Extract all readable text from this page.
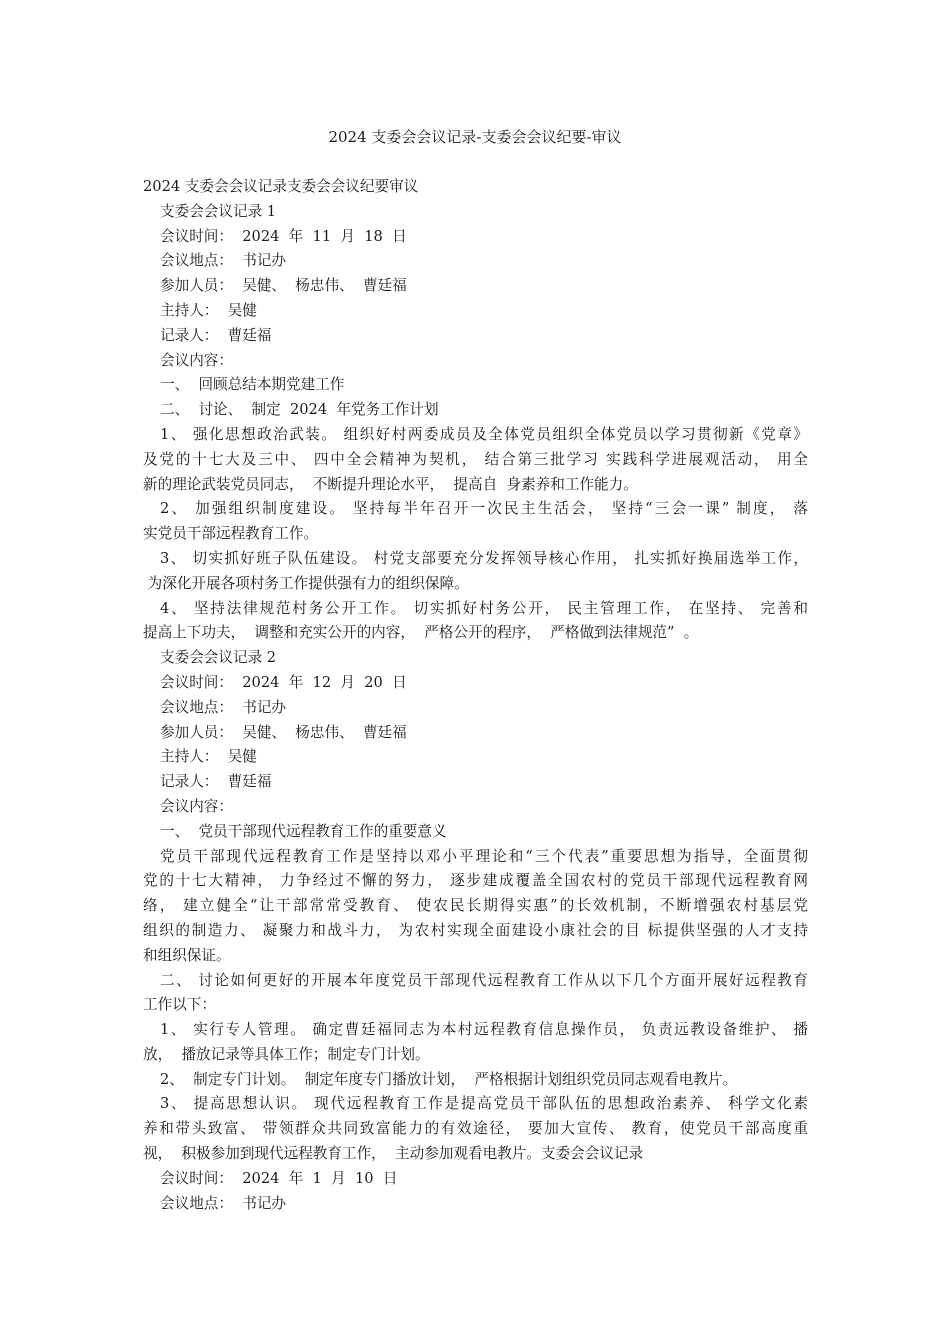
2024 支委会会议记录-支委会会议纪要-审议
2024 支委会会议记录支委会会议纪要审议
支委会会议记录 1
会议时间：  2024  年  11  月  18  日
会议地点：  书记办
参加人员：  吴健、  杨忠伟、  曹廷福
主持人：  吴健
记录人：  曹廷福
会议内容：
一、  回顾总结本期党建工作
二、  讨论、  制定  2024  年党务工作计划
1、 强化思想政治武装。 组织好村两委成员及全体党员组织全体党员以学习贯彻新《党章》
及党的十七大及三中、 四中全会精神为契机， 结合第三批学习 实践科学进展观活动， 用全
新的理论武装党员同志，  不断提升理论水平，  提高自  身素养和工作能力。
2、 加强组织制度建设。 坚持每半年召开一次民主生活会， 坚持“三会一课” 制度， 落
实党员干部远程教育工作。
3、 切实抓好班子队伍建设。 村党支部要充分发挥领导核心作用， 扎实抓好换届选举工作，
为深化开展各项村务工作提供强有力的组织保障。
4、 坚持法律规范村务公开工作。 切实抓好村务公开， 民主管理工作， 在坚持、 完善和
提高上下功夫，  调整和充实公开的内容，  严格公开的程序，  严格做到法律规范”  。
支委会会议记录 2
会议时间：  2024  年  12  月  20  日
会议地点：  书记办
参加人员：  吴健、  杨忠伟、  曹廷福
主持人：  吴健
记录人：  曹廷福
会议内容：
一、  党员干部现代远程教育工作的重要意义
党员干部现代远程教育工作是坚持以邓小平理论和“三个代表”重要思想为指导，全面贯彻
党的十七大精神， 力争经过不懈的努力， 逐步建成覆盖全国农村的党员干部现代远程教育网
络， 建立健全“让干部常常受教育、 使农民长期得实惠”的长效机制，不断增强农村基层党
组织的制造力、 凝聚力和战斗力， 为农村实现全面建设小康社会的目 标提供坚强的人才支持
和组织保证。
二、 讨论如何更好的开展本年度党员干部现代远程教育工作从以下几个方面开展好远程教育
工作以下：
1、 实行专人管理。 确定曹廷福同志为本村远程教育信息操作员， 负责远教设备维护、 播
放，  播放记录等具体工作；制定专门计划。
2、  制定专门计划。  制定年度专门播放计划，  严格根据计划组织党员同志观看电教片。
3、 提高思想认识。 现代远程教育工作是提高党员干部队伍的思想政治素养、 科学文化素
养和带头致富、 带领群众共同致富能力的有效途径， 要加大宣传、 教育，使党员干部高度重
视，  积极参加到现代远程教育工作，  主动参加观看电教片。支委会会议记录
会议时间：  2024  年  1  月  10  日
会议地点：  书记办
